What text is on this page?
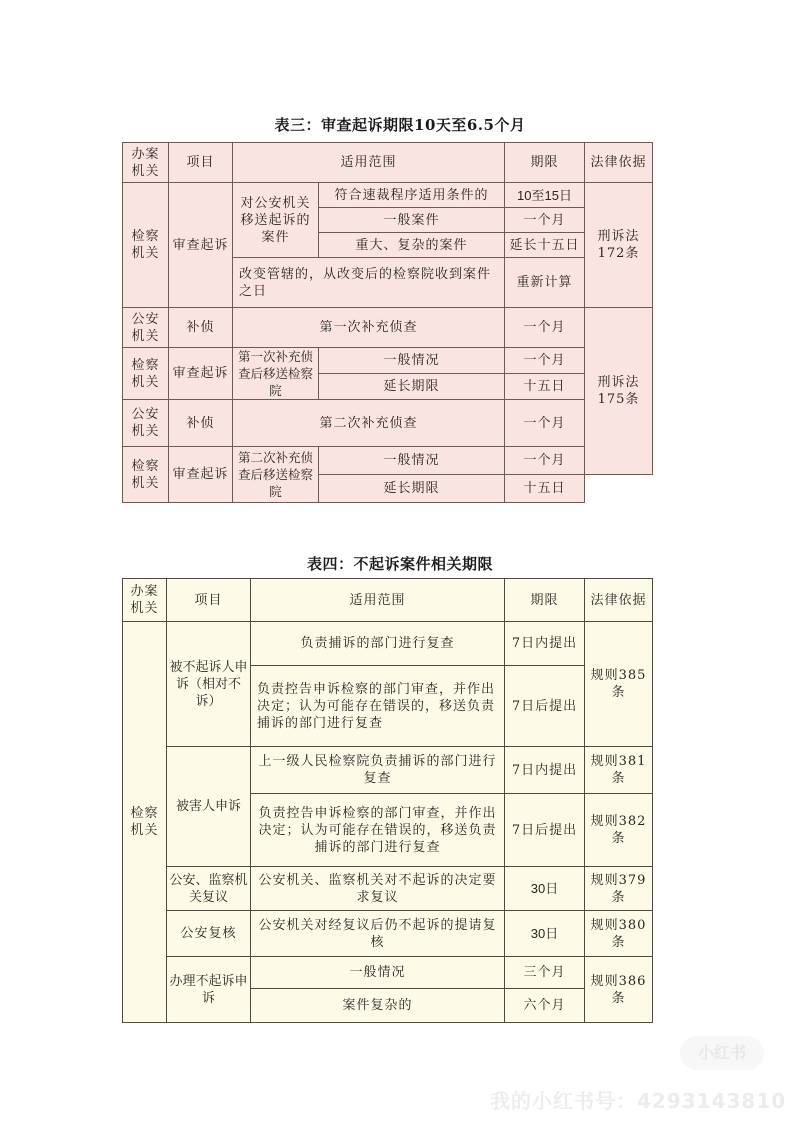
表三：审查起诉期限10天至6.5个月
办案机关	项目	适用范围		期限	法律依据
检察机关	审查起诉	对公安机关移送起诉的案件	符合速裁程序适用条件的	10至15日	刑诉法172条
			一般案件	一个月	
			重大、复杂的案件	延长十五日	
		改变管辖的，从改变后的检察院收到案件之日		重新计算	
公安机关	补侦	第一次补充侦查		一个月	刑诉法175条
检察机关	审查起诉	第一次补充侦查后移送检察院	一般情况	一个月	
			延长期限	十五日	
公安机关	补侦	第二次补充侦查		一个月	
检察机关	审查起诉	第二次补充侦查后移送检察院	一般情况	一个月	
			延长期限	十五日	
表四：不起诉案件相关期限
办案机关	项目	适用范围	期限	法律依据
检察机关	被不起诉人申诉（相对不诉）	负责捕诉的部门进行复查	7日内提出	规则385条
		负责控告申诉检察的部门审查，并作出决定；认为可能存在错误的，移送负责捕诉的部门进行复查	7日后提出	
	被害人申诉	上一级人民检察院负责捕诉的部门进行复查	7日内提出	规则381条
		负责控告申诉检察的部门审查，并作出决定；认为可能存在错误的，移送负责捕诉的部门进行复查	7日后提出	规则382条
	公安、监察机关复议	公安机关、监察机关对不起诉的决定要求复议	30日	规则379条
	公安复核	公安机关对经复议后仍不起诉的提请复核	30日	规则380条
	办理不起诉申诉	一般情况	三个月	规则386条
		案件复杂的	六个月	
小红书
我的小红书号：4293143810
